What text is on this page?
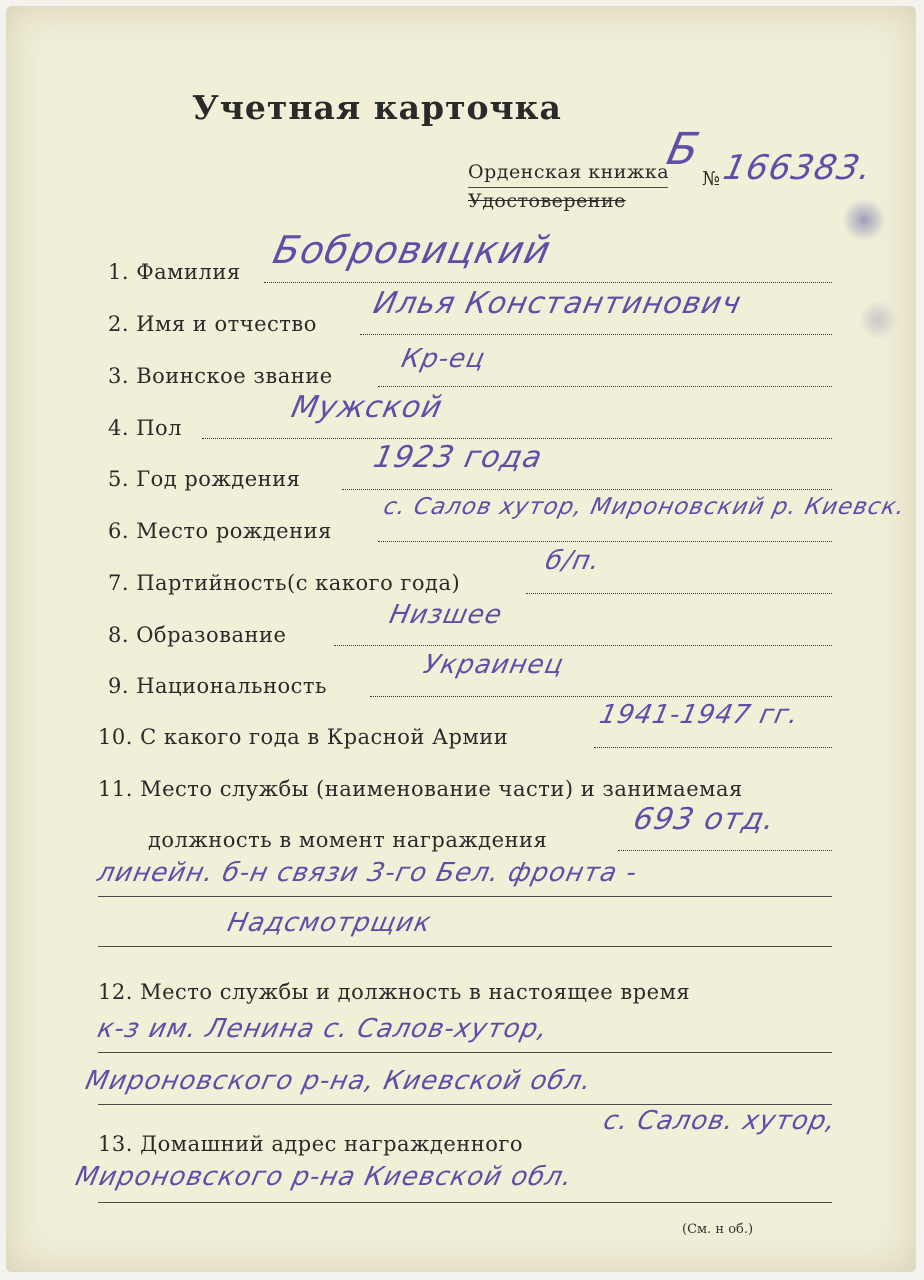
Учетная карточка
Орденская книжка
Удостоверение
№
Б 166383.
1. Фамилия Бобровицкий
2. Имя и отчество
Илья Константинович
3. Воинское звание
Кр-ец
4. Пол
Мужской
5. Год рождения
1923 года
6. Место рождения
с. Салов хутор, Мироновский р. Киевск.
7. Партийность(с какого года)
б/п.
8. Образование
Низшее
9. Национальность
Украинец
10. С какого года в Красной Армии
1941-1947 гг.
11. Место службы (наименование части) и занимаемая
должность в момент награждения
693 отд.
линейн. б-н связи 3-го Бел. фронта -
Надсмотрщик
12. Место службы и должность в настоящее время
к-з им. Ленина с. Салов-хутор,
Мироновского р-на, Киевской обл.
13. Домашний адрес награжденного
с. Салов. хутор,
Мироновского р-на Киевской обл.
(См. н об.)
